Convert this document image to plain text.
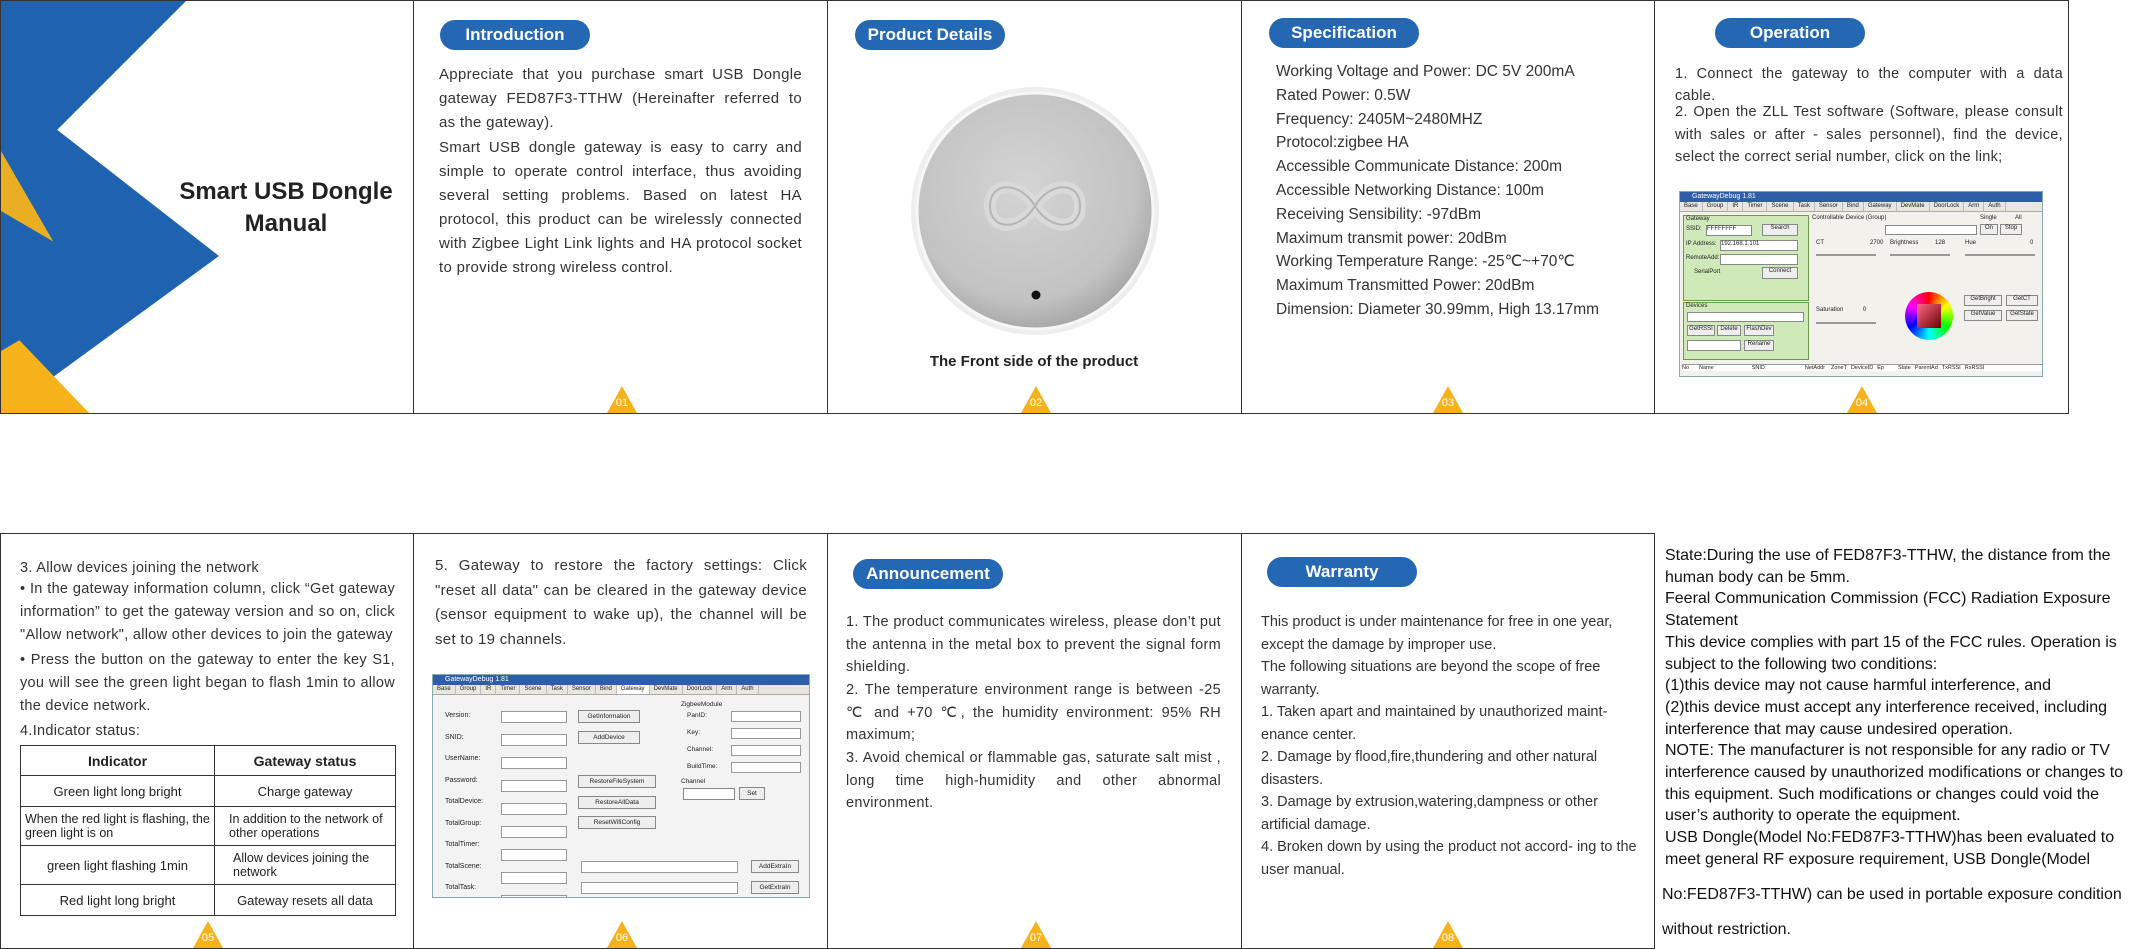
Smart USB Dongle
Manual
Introduction
Appreciate that you purchase smart USB Dongle gateway FED87F3-TTHW (Hereinafter referred to as the gateway).
Smart USB dongle gateway is easy to carry and simple to operate control interface, thus avoiding several setting problems. Based on latest HA protocol, this product can be wirelessly connected with Zigbee Light Link lights and HA protocol socket to provide strong wireless control.
01
Product Details
The Front side of the product
02
Specification
Working Voltage and Power: DC 5V 200mA
Rated Power: 0.5W
Frequency: 2405M~2480MHZ
Protocol:zigbee HA
Accessible Communicate Distance: 200m
Accessible Networking Distance: 100m
Receiving Sensibility: -97dBm
Maximum transmit power: 20dBm
Working Temperature Range: -25℃~+70℃
Maximum Transmitted Power: 20dBm
Dimension: Diameter 30.99mm, High 13.17mm
03
Operation
1. Connect the gateway to the computer with a data cable.
2. Open the ZLL Test software (Software, please consult with sales or after - sales personnel), find the device, select the correct serial number, click on the link;
GatewayDebug 1.81
Base Group IR Timer Scene Task Sensor Bind Gateway DevMate DoorLock Arm Auth
Gateway
SSID: FFFFFFFF	Search
IP Address: 192.168.1.101
RemoteAdd:
SerialPort	Connect
Devices
GetRSSI	Delete	FlashDev
Rename
Controllable Device (Group)	Single	All
On	Stop
CT	2700 Brightness	128	Hue	0
Saturation	0
GetBright	GetCT
GetValue	GetState
No Name	SNID	NetAddr ZoneT DeviceID Ep	State ParentAd TxRSSI RxRSSI
04
3. Allow devices joining the network
• In the gateway information column, click “Get gateway information” to get the gateway version and so on, click "Allow network", allow other devices to join the gateway
• Press the button on the gateway to enter the key S1, you will see the green light began to flash 1min to allow the device network.
4.Indicator status:
Indicator	Gateway status
Green light long bright	Charge gateway
When the red light is flashing, the green light is on	In addition to the network of other operations
green light flashing 1min	Allow devices joining the network
Red light long bright	Gateway resets all data
05
5. Gateway to restore the factory settings: Click "reset all data" can be cleared in the gateway device (sensor equipment to wake up), the channel will be set to 19 channels.
GatewayDebug 1.81
Base Group IR Timer Scene Task Sensor Bind Gateway DevMate DoorLock Arm Auth
Version:
SNID:
UserName:
Password:
TotalDevice:
TotalGroup:
TotalTimer:
TotalScene:
TotalTask:
GetInformation
AddDevice
RestoreFileSystem
RestoreAllData
ResetWifiConfig
ZigbeeModule
PanID:
Key:
Channel:
BuildTime:
Channel
Set
AddExtraIn
GetExtraIn
06
Announcement
1. The product communicates wireless, please don’t put the antenna in the metal box to prevent the signal form shielding.
2. The temperature environment range is between -25 ℃ and +70 ℃, the humidity environment: 95% RH maximum;
3. Avoid chemical or flammable gas, saturate salt mist , long time high-humidity and other abnormal environment.
07
Warranty
This product is under maintenance for free in one year, except the damage by improper use.
The following situations are beyond the scope of free warranty.
1. Taken apart and maintained by unauthorized maint- enance center.
2. Damage by flood,fire,thundering and other natural disasters.
3. Damage by extrusion,watering,dampness or other artificial damage.
4. Broken down by using the product not accord- ing to the user manual.
08
State:During the use of FED87F3-TTHW, the distance from the human body can be 5mm.
Feeral Communication Commission (FCC) Radiation Exposure Statement
This device complies with part 15 of the FCC rules. Operation is subject to the following two conditions:
(1)this device may not cause harmful interference, and
(2)this device must accept any interference received, including interference that may cause undesired operation.
NOTE: The manufacturer is not responsible for any radio or TV interference caused by unauthorized modifications or changes to this equipment. Such modifications or changes could void the user’s authority to operate the equipment.
USB Dongle(Model No:FED87F3-TTHW)has been evaluated to meet general RF exposure requirement, USB Dongle(Model
No:FED87F3-TTHW) can be used in portable exposure condition
without restriction.
